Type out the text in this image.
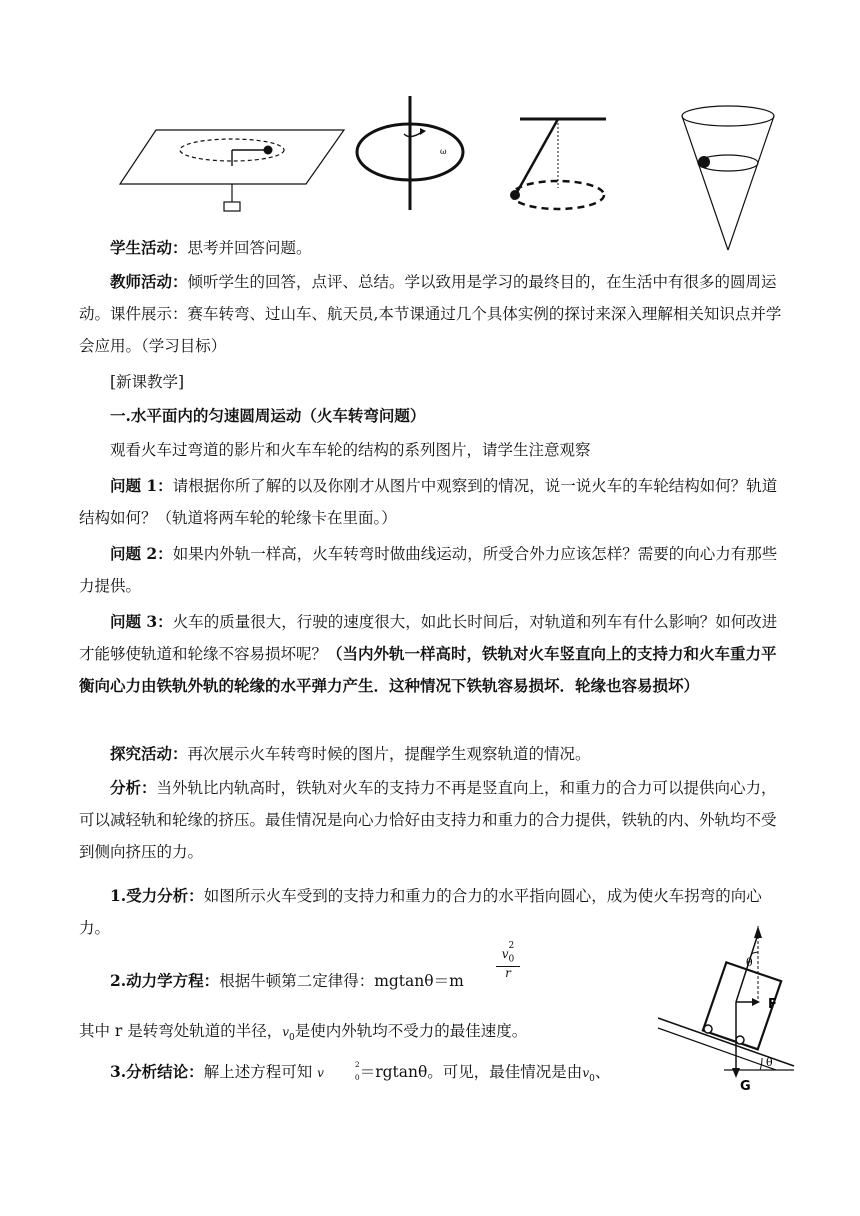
ω

学生活动：思考并回答问题。

教师活动：倾听学生的回答，点评、总结。学以致用是学习的最终目的，在生活中有很多的圆周运动。课件展示：赛车转弯、过山车、航天员,本节课通过几个具体实例的探讨来深入理解相关知识点并学会应用。（学习目标）

[新课教学]

一.水平面内的匀速圆周运动（火车转弯问题）

观看火车过弯道的影片和火车车轮的结构的系列图片，请学生注意观察

问题 1：请根据你所了解的以及你刚才从图片中观察到的情况，说一说火车的车轮结构如何？轨道结构如何？（轨道将两车轮的轮缘卡在里面。）

问题 2：如果内外轨一样高，火车转弯时做曲线运动，所受合外力应该怎样？需要的向心力有那些力提供。

问题 3：火车的质量很大，行驶的速度很大，如此长时间后，对轨道和列车有什么影响？如何改进才能够使轨道和轮缘不容易损坏呢？（当内外轨一样高时，铁轨对火车竖直向上的支持力和火车重力平衡向心力由铁轨外轨的轮缘的水平弹力产生．这种情况下铁轨容易损坏．轮缘也容易损坏）

探究活动：再次展示火车转弯时候的图片，提醒学生观察轨道的情况。

分析：当外轨比内轨高时，铁轨对火车的支持力不再是竖直向上，和重力的合力可以提供向心力，可以减轻轨和轮缘的挤压。最佳情况是向心力恰好由支持力和重力的合力提供，铁轨的内、外轨均不受到侧向挤压的力。

1.受力分析：如图所示火车受到的支持力和重力的合力的水平指向圆心，成为使火车拐弯的向心力。

2.动力学方程：根据牛顿第二定律得：mgtanθ＝m

v
2
$_0$
r

其中 r 是转弯处轨道的半径，$v_0$是使内外轨均不受力的最佳速度。

3.分析结论：解上述方程可知 v
2
$_0$＝rgtanθ。可见，最佳情况是由$v_0$、

θ
θ
F
G
